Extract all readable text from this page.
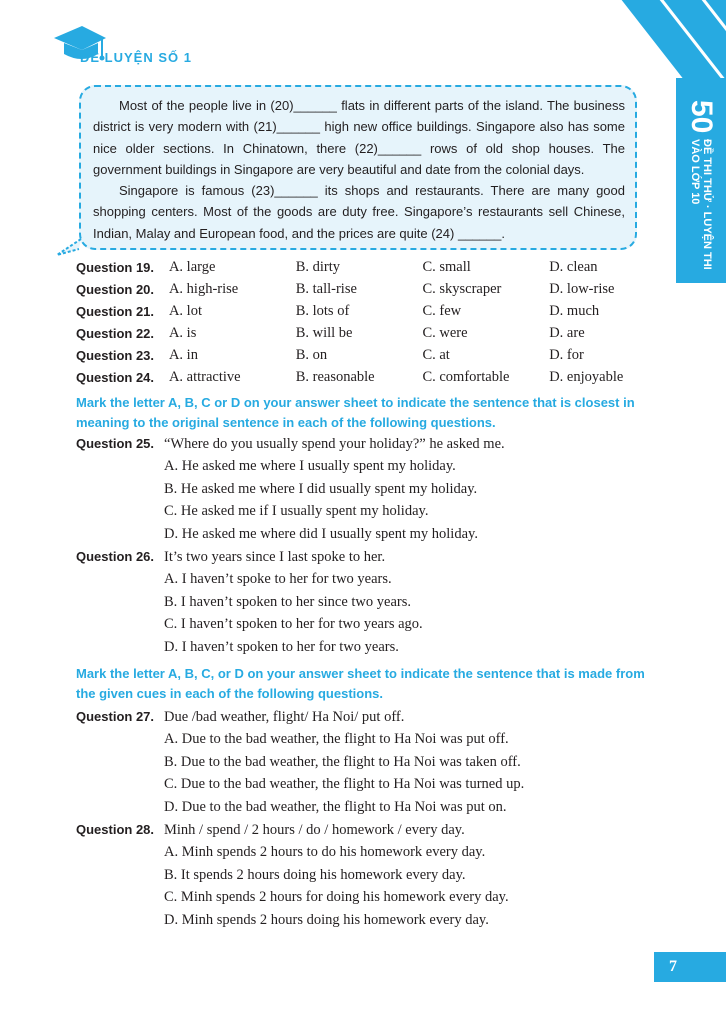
50
ĐỀ THI THỬ · LUYỆN THI VÀO LỚP 10
ĐỀ LUYỆN SỐ 1

Most of the people live in (20)______ flats in different parts of the island. The business district is very modern with (21)______ high new office buildings. Singapore also has some nice older sections. In Chinatown, there (22)______ rows of old shop houses. The government buildings in Singapore are very beautiful and date from the colonial days.

Singapore is famous (23)______ its shops and restaurants. There are many good shopping centers. Most of the goods are duty free. Singapore’s restaurants sell Chinese, Indian, Malay and European food, and the prices are quite (24) ______.

Question 19.	A. large	B. dirty	C. small	D. clean
Question 20.	A. high-rise	B. tall-rise	C. skyscraper	D. low-rise
Question 21.	A. lot	B. lots of	C. few	D. much
Question 22.	A. is	B. will be	C. were	D. are
Question 23.	A. in	B. on	C. at	D. for
Question 24.	A. attractive	B. reasonable	C. comfortable	D. enjoyable
Mark the letter A, B, C or D on your answer sheet to indicate the sentence that is closest in meaning to the original sentence in each of the following questions.
Question 25. “Where do you usually spend your holiday?” he asked me.
A. He asked me where I usually spent my holiday.
B. He asked me where I did usually spent my holiday.
C. He asked me if I usually spent my holiday.
D. He asked me where did I usually spent my holiday.
Question 26. It’s two years since I last spoke to her.
A. I haven’t spoke to her for two years.
B. I haven’t spoken to her since two years.
C. I haven’t spoken to her for two years ago.
D. I haven’t spoken to her for two years.
Mark the letter A, B, C, or D on your answer sheet to indicate the sentence that is made from the given cues in each of the following questions.
Question 27. Due /bad weather, flight/ Ha Noi/ put off.
A. Due to the bad weather, the flight to Ha Noi was put off.
B. Due to the bad weather, the flight to Ha Noi was taken off.
C. Due to the bad weather, the flight to Ha Noi was turned up.
D. Due to the bad weather, the flight to Ha Noi was put on.
Question 28. Minh / spend / 2 hours / do / homework / every day.
A. Minh spends 2 hours to do his homework every day.
B. It spends 2 hours doing his homework every day.
C. Minh spends 2 hours for doing his homework every day.
D. Minh spends 2 hours doing his homework every day.
7
